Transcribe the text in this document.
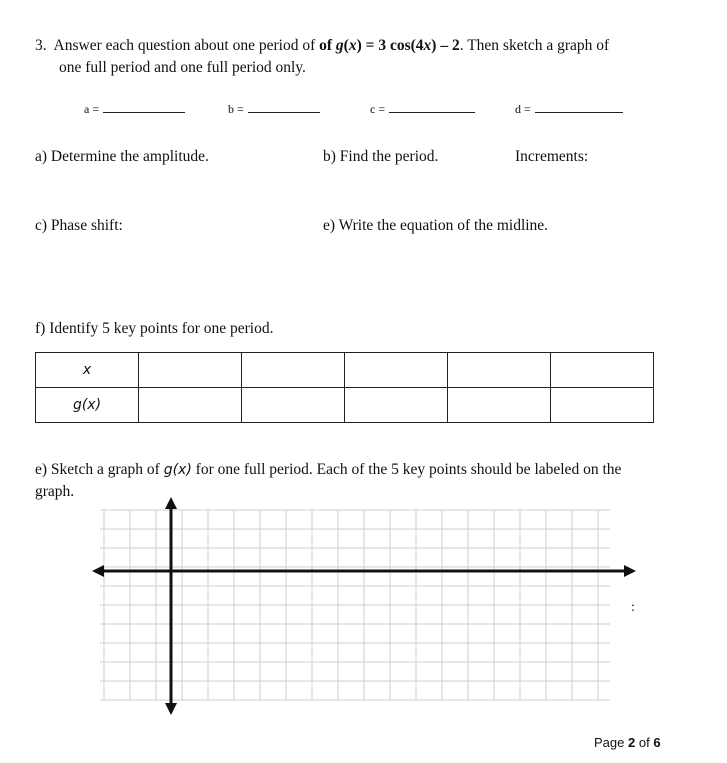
3. Answer each question about one period of of g(x) = 3 cos(4x) – 2. Then sketch a graph of
one full period and one full period only.
a =	b =	c =	d =
a) Determine the amplitude.	b) Find the period.	Increments:
c) Phase shift:	e) Write the equation of the midline.
f) Identify 5 key points for one period.
x					
g(x)					
e) Sketch a graph of g(x) for one full period. Each of the 5 key points should be labeled on the
graph.
:
Page 2 of 6
